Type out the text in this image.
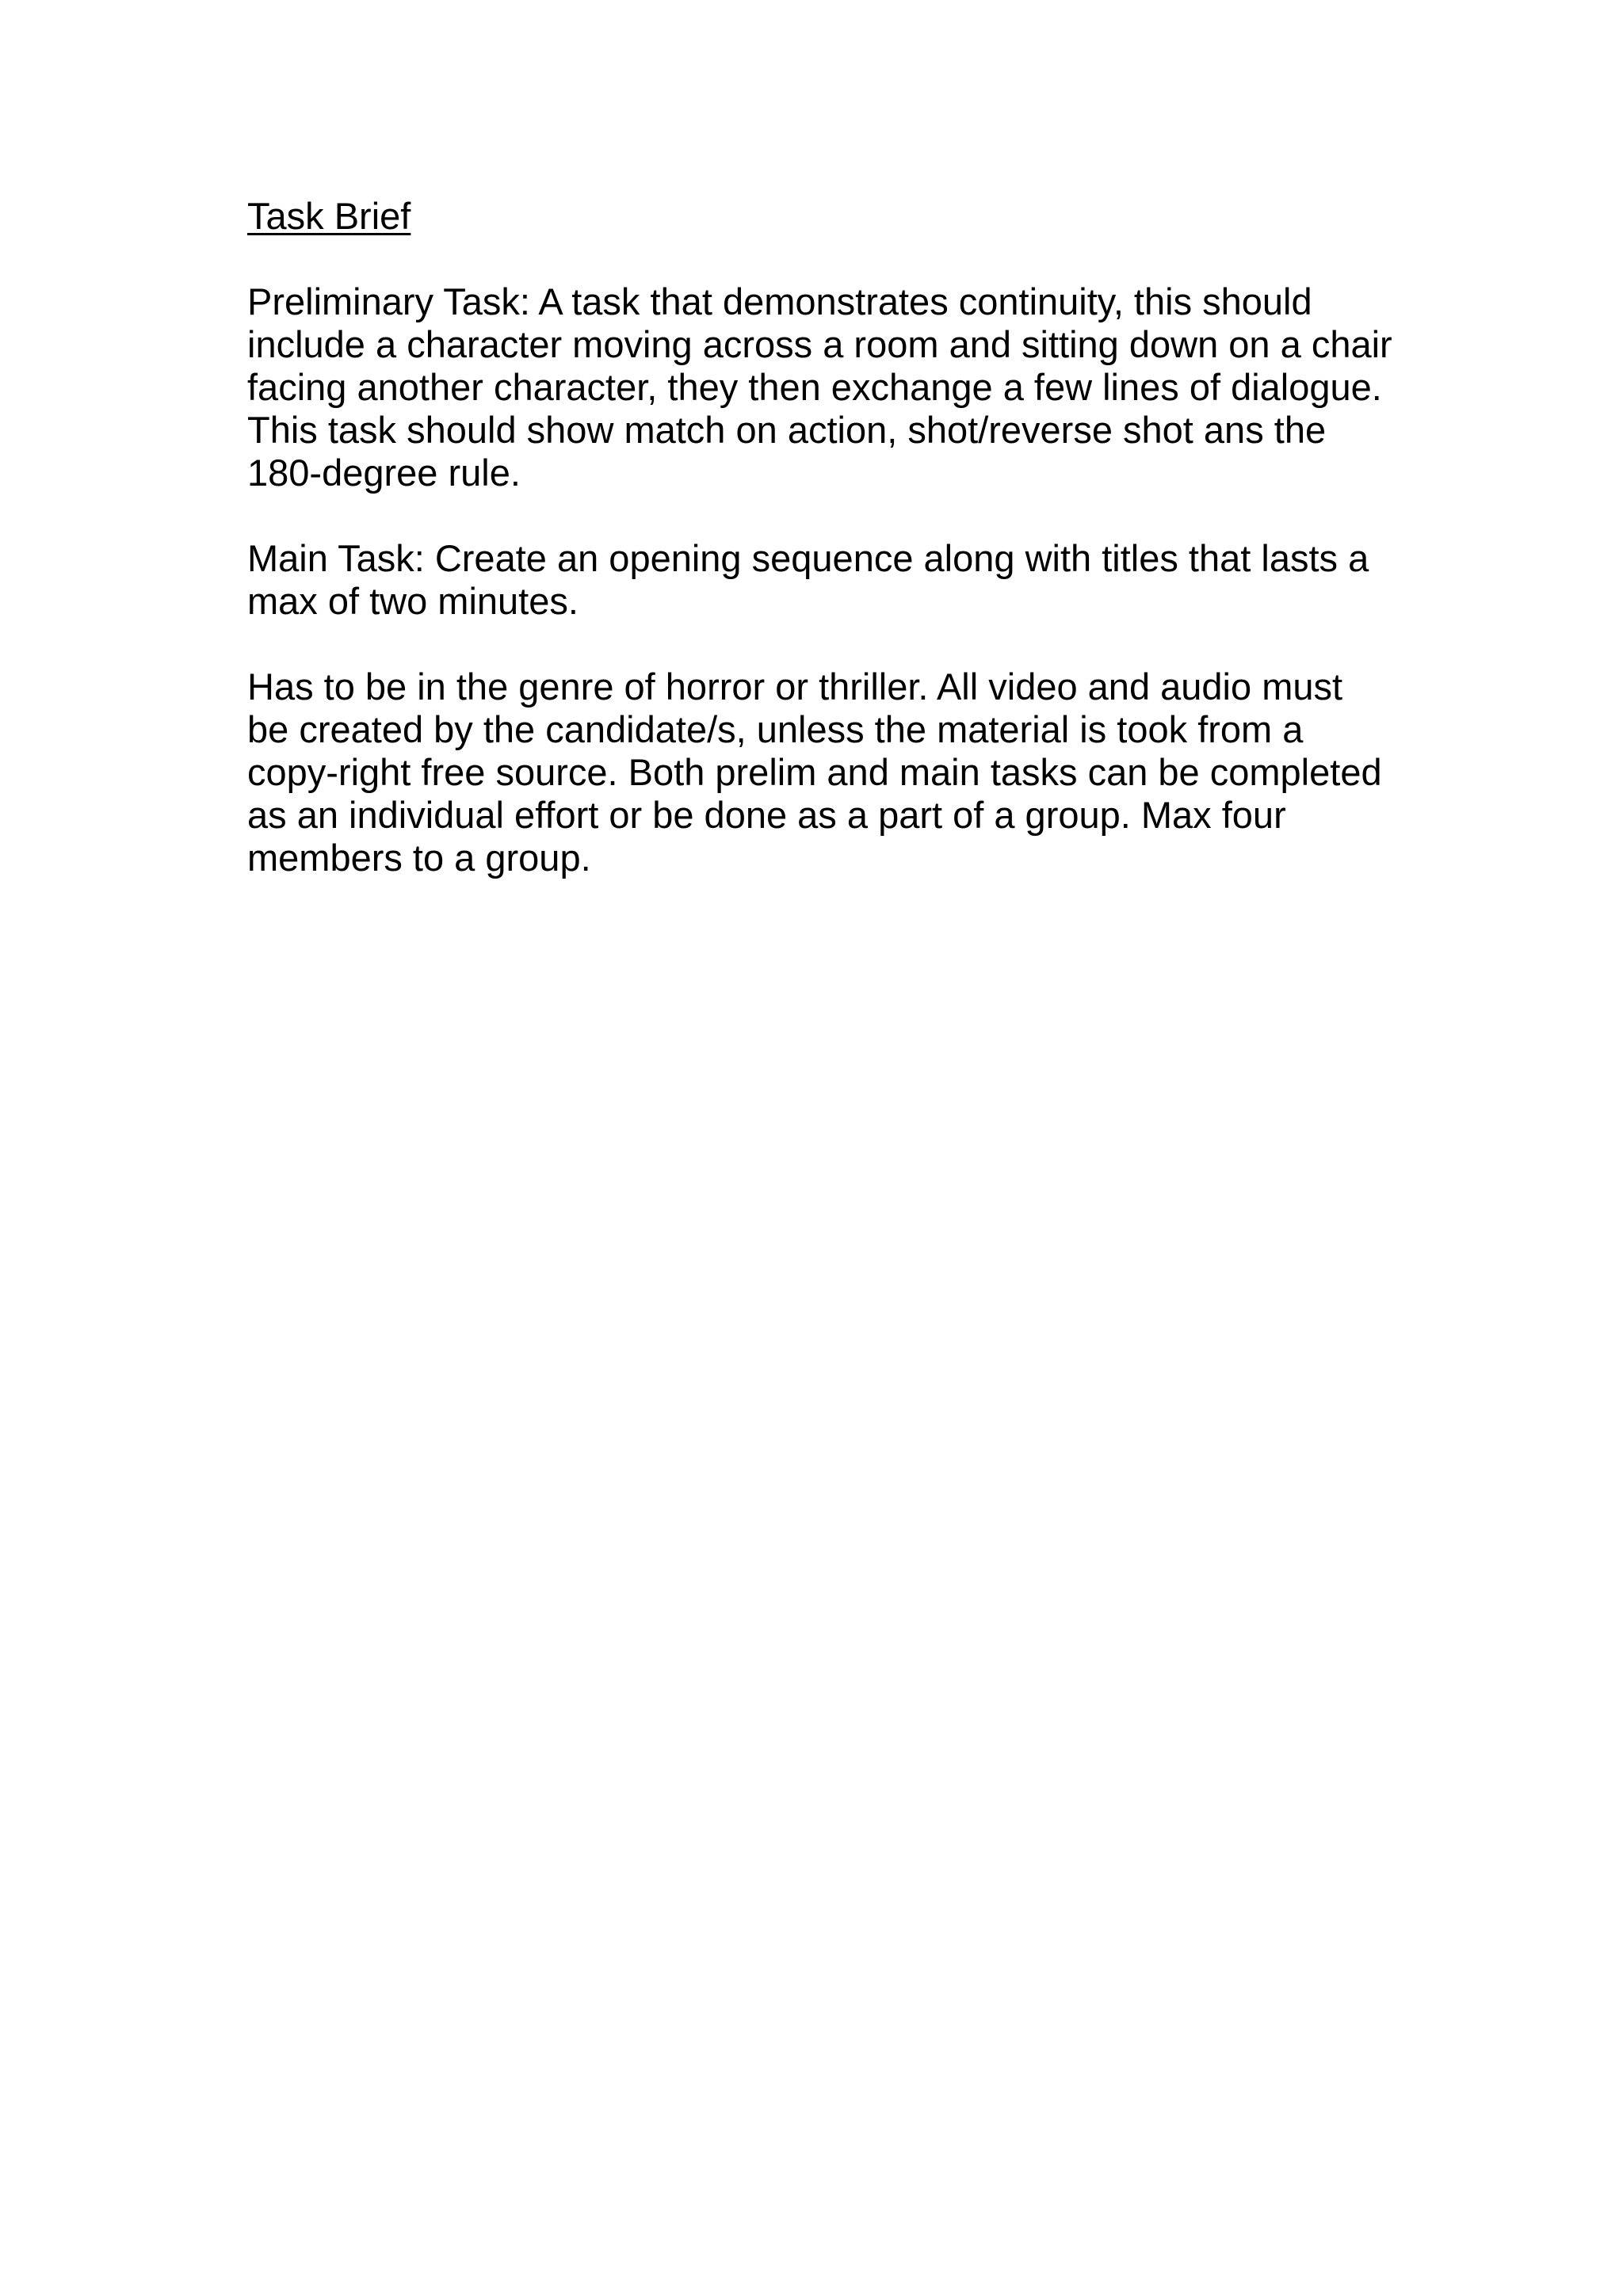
Task Brief
Preliminary Task: A task that demonstrates continuity, this should
include a character moving across a room and sitting down on a chair
facing another character, they then exchange a few lines of dialogue.
This task should show match on action, shot/reverse shot ans the
180-degree rule.
Main Task: Create an opening sequence along with titles that lasts a
max of two minutes.
Has to be in the genre of horror or thriller. All video and audio must
be created by the candidate/s, unless the material is took from a
copy-right free source. Both prelim and main tasks can be completed
as an individual effort or be done as a part of a group. Max four
members to a group.
